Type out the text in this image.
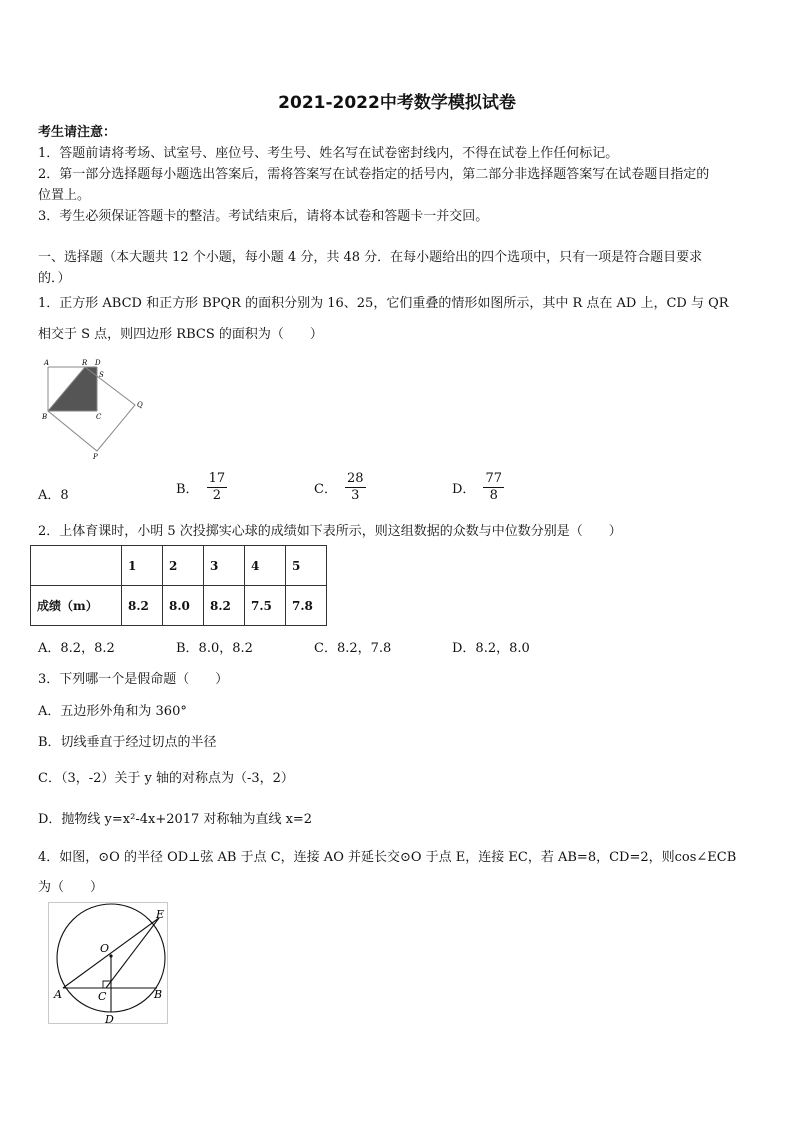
2021-2022中考数学模拟试卷
考生请注意：
1．答题前请将考场、试室号、座位号、考生号、姓名写在试卷密封线内，不得在试卷上作任何标记。
2．第一部分选择题每小题选出答案后，需将答案写在试卷指定的括号内，第二部分非选择题答案写在试卷题目指定的
位置上。
3．考生必须保证答题卡的整洁。考试结束后，请将本试卷和答题卡一并交回。
一、选择题（本大题共 12 个小题，每小题 4 分，共 48 分．在每小题给出的四个选项中，只有一项是符合题目要求
的．）
1．正方形 ABCD 和正方形 BPQR 的面积分别为 16、25，它们重叠的情形如图所示，其中 R 点在 AD 上，CD 与 QR
相交于 S 点，则四边形 RBCS 的面积为（　　）
A	R D
S
Q
B	C
P
A．8	B． $\frac{17}{2}$	C． $\frac{28}{3}$	D． $\frac{77}{8}$
2．上体育课时，小明 5 次投掷实心球的成绩如下表所示，则这组数据的众数与中位数分别是（　　）
	1	2	3	4	5
成绩（m）	8.2	8.0	8.2	7.5	7.8
A．8.2，8.2	B．8.0，8.2	C．8.2，7.8	D．8.2，8.0
3．下列哪一个是假命题（　　）
A．五边形外角和为 360°
B．切线垂直于经过切点的半径
C．（3，-2）关于 y 轴的对称点为（-3，2）
D．抛物线 y=x²-4x+2017 对称轴为直线 x=2
4．如图，⊙O 的半径 OD⊥弦 AB 于点 C，连接 AO 并延长交⊙O 于点 E，连接 EC，若 AB=8，CD=2，则cos∠ECB
为（　　）
E
O
A	C	B
D
